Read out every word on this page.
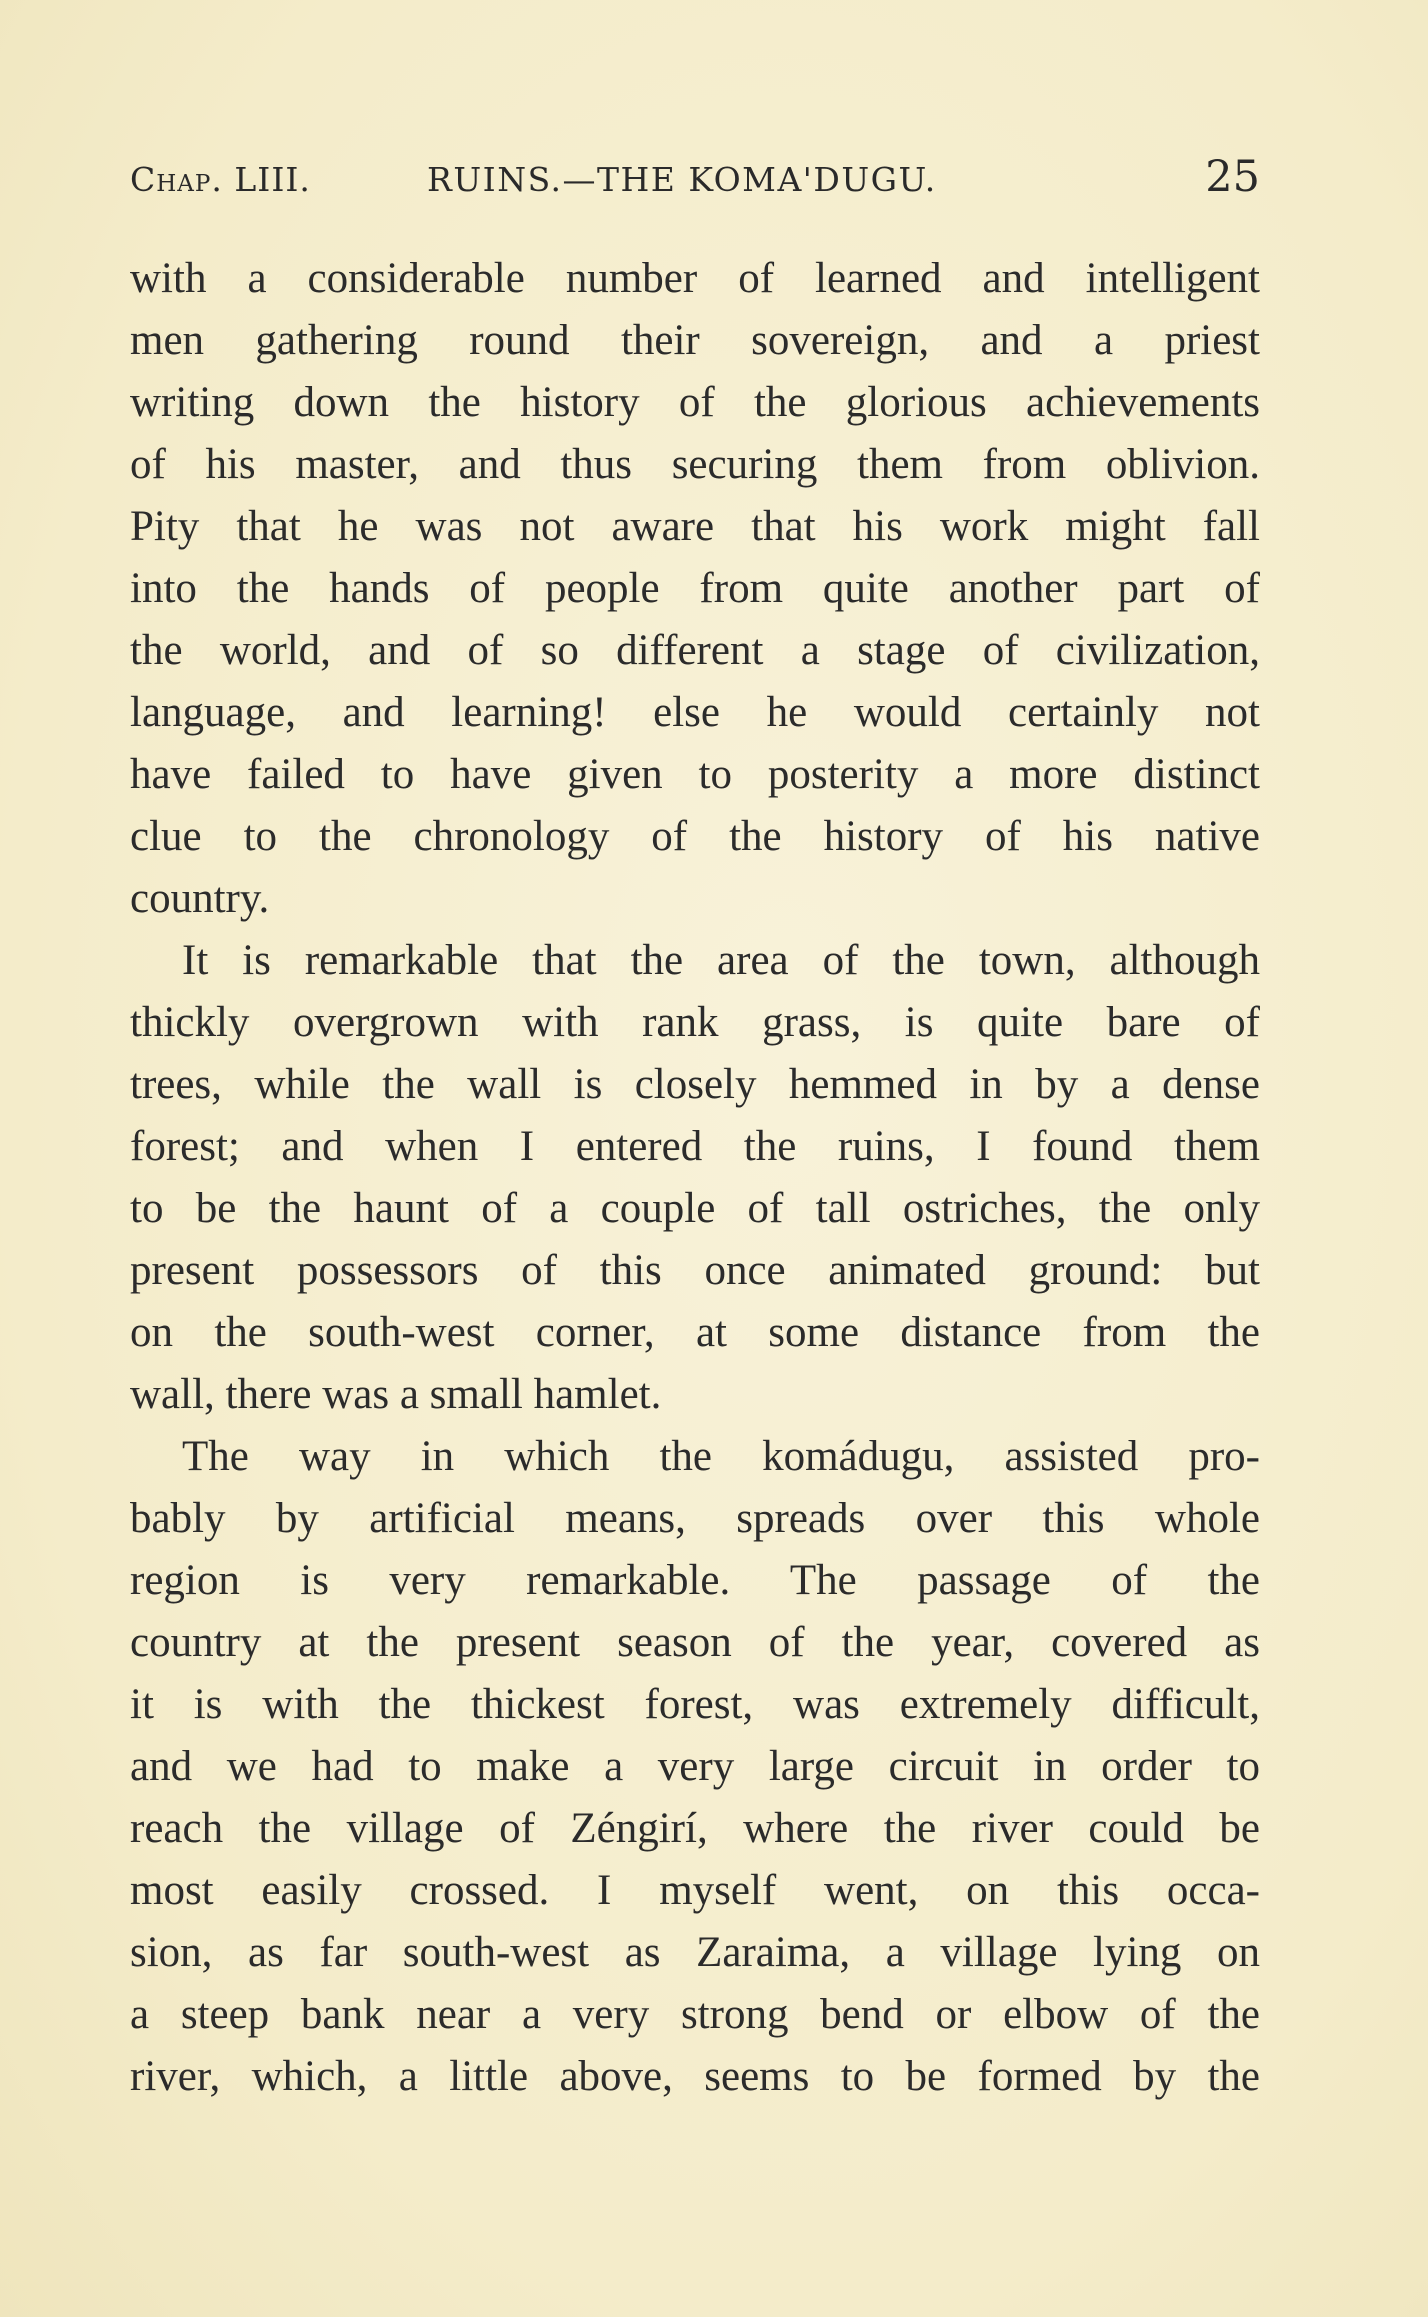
Chap. LIII.	RUINS.—THE KOMA'DUGU.	25
with a considerable number of learned and intelligent
men gathering round their sovereign, and a priest
writing down the history of the glorious achievements
of his master, and thus securing them from oblivion.
Pity that he was not aware that his work might fall
into the hands of people from quite another part of
the world, and of so different a stage of civilization,
language, and learning! else he would certainly not
have failed to have given to posterity a more distinct
clue to the chronology of the history of his native
country.
It is remarkable that the area of the town, although
thickly overgrown with rank grass, is quite bare of
trees, while the wall is closely hemmed in by a dense
forest; and when I entered the ruins, I found them
to be the haunt of a couple of tall ostriches, the only
present possessors of this once animated ground: but
on the south-west corner, at some distance from the
wall, there was a small hamlet.
The way in which the komádugu, assisted pro-
bably by artificial means, spreads over this whole
region is very remarkable. The passage of the
country at the present season of the year, covered as
it is with the thickest forest, was extremely difficult,
and we had to make a very large circuit in order to
reach the village of Zéngirí, where the river could be
most easily crossed. I myself went, on this occa-
sion, as far south-west as Zaraima, a village lying on
a steep bank near a very strong bend or elbow of the
river, which, a little above, seems to be formed by the
